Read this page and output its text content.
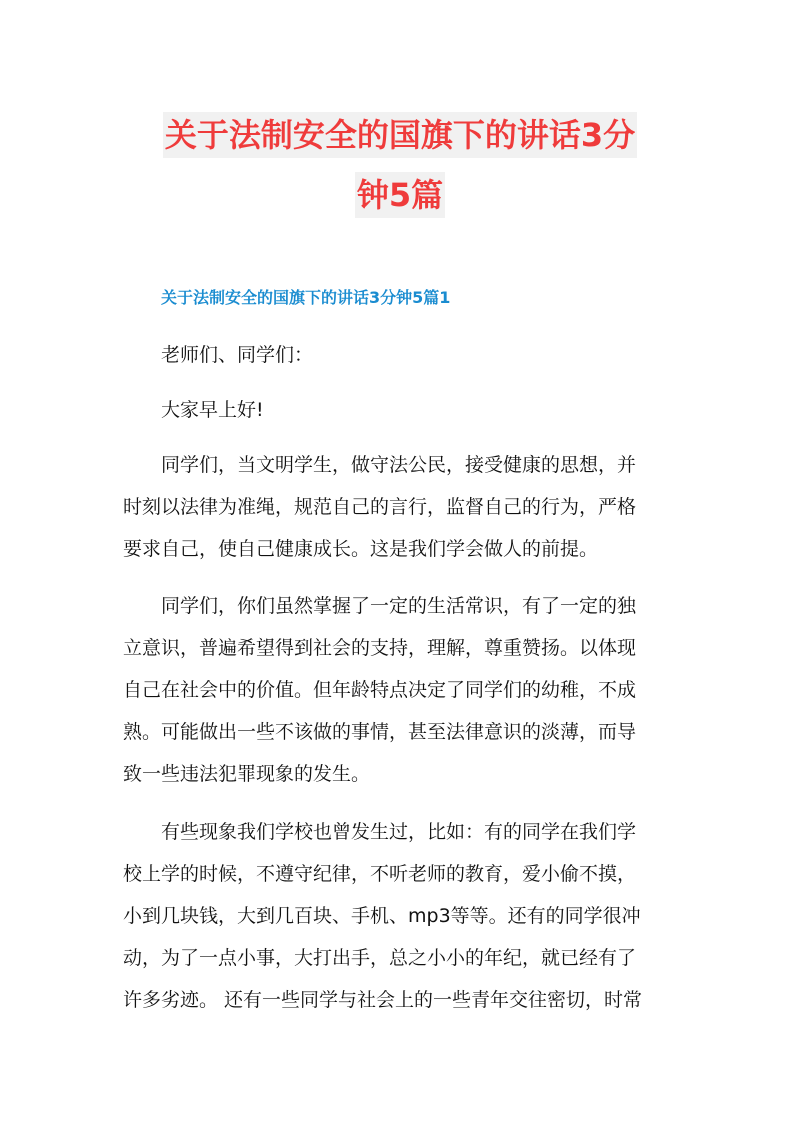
关于法制安全的国旗下的讲话3分
钟5篇
关于法制安全的国旗下的讲话3分钟5篇1
老师们、同学们：
大家早上好!
　　同学们，当文明学生，做守法公民，接受健康的思想，并
时刻以法律为准绳，规范自己的言行，监督自己的行为，严格
要求自己，使自己健康成长。这是我们学会做人的前提。
　　同学们，你们虽然掌握了一定的生活常识，有了一定的独
立意识，普遍希望得到社会的支持，理解，尊重赞扬。以体现
自己在社会中的价值。但年龄特点决定了同学们的幼稚，不成
熟。可能做出一些不该做的事情，甚至法律意识的淡薄，而导
致一些违法犯罪现象的发生。
　　有些现象我们学校也曾发生过，比如：有的同学在我们学
校上学的时候，不遵守纪律，不听老师的教育，爱小偷不摸，
小到几块钱，大到几百块、手机、mp3等等。还有的同学很冲
动，为了一点小事，大打出手，总之小小的年纪，就已经有了
许多劣迹。 还有一些同学与社会上的一些青年交往密切，时常
